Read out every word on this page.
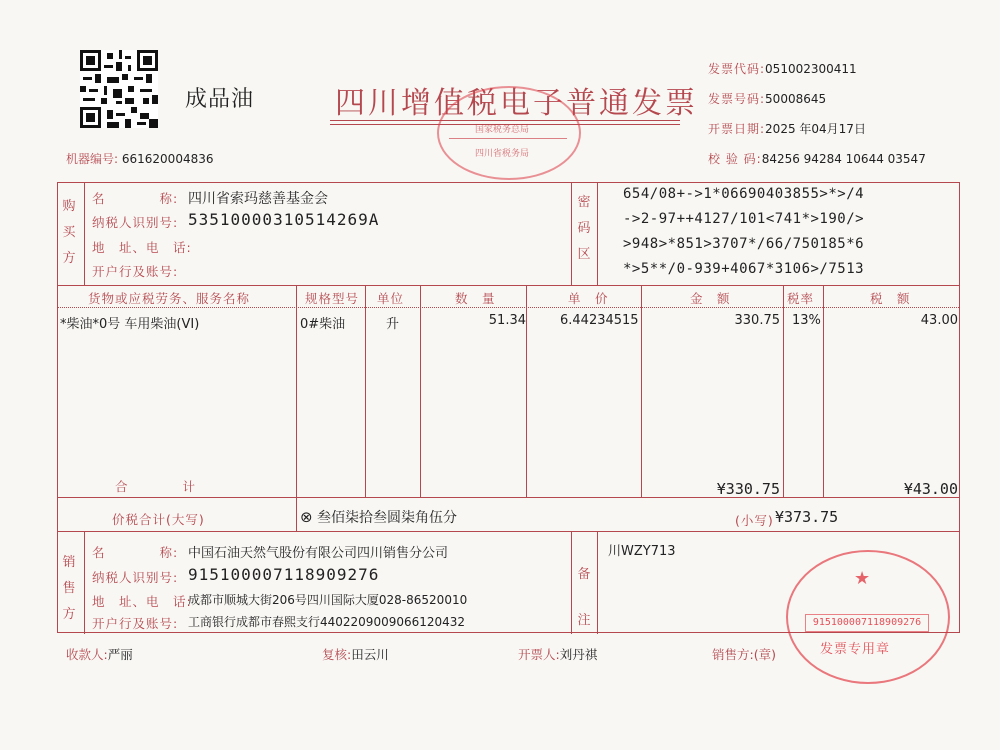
成品油	四川增值税电子普通发票
国家税务总局
四川省税务局
发票代码:051002300411
发票号码:50008645
开票日期:2025 年04月17日
校 验 码:84256 94284 10644 03547
机器编号: 661620004836
购
买
方
名　　　　称: 四川省索玛慈善基金会
纳税人识别号: 53510000310514269A
地　址、电　话:
开户行及账号:
密
码
区
654/08+->1*06690403855>*>/4
->2-97++4127/101<741*>190/>
>948>*851>3707*/66/750185*6
*>5**/0-939+4067*3106>/7513
货物或应税劳务、服务名称	规格型号 单位	数　量	单　价	金　额	税率	税　额
*柴油*0号 车用柴油(VI)	0#柴油	升	51.34	6.44234515	330.75 13%	43.00
合　　　　计	¥330.75	¥43.00
价税合计(大写)	⊗ 叁佰柒拾叁圆柒角伍分	(小写) ¥373.75
销
售
方
名　　　　称: 中国石油天然气股份有限公司四川销售分公司
纳税人识别号: 915100007118909276
地　址、电　话:
成都市顺城大街206号四川国际大厦028-86520010
开户行及账号: 工商银行成都市春熙支行4402209009066120432
备
注
川WZY713
★
915100007118909276
发票专用章
收款人:严丽	复核:田云川	开票人:刘丹祺	销售方:(章)
